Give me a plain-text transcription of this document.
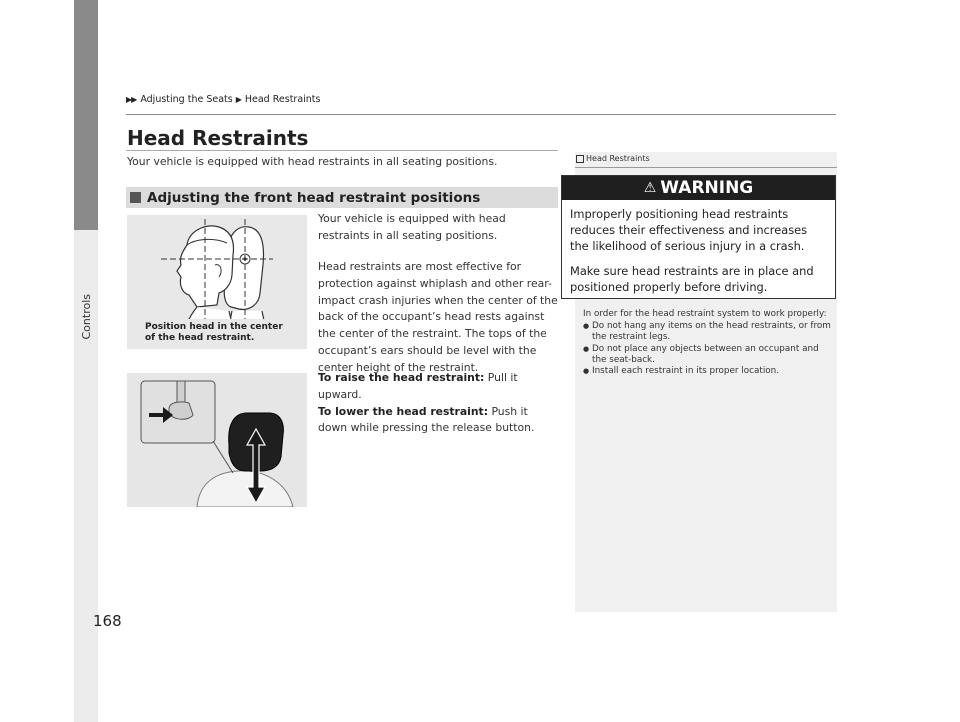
Controls
168
▶ ▶ Adjusting the Seats ▶ Head Restraints
Head Restraints
Your vehicle is equipped with head restraints in all seating positions.
Adjusting the front head restraint positions
Position head in the center
of the head restraint.
Your vehicle is equipped with head restraints in all seating positions.
Head restraints are most effective for protection against whiplash and other rear-impact crash injuries when the center of the back of the occupant’s head rests against the center of the restraint. The tops of the occupant’s ears should be level with the center height of the restraint.
To raise the head restraint: Pull it upward.
To lower the head restraint: Push it down while pressing the release button.
Head Restraints
⚠ WARNING

Improperly positioning head restraints reduces their effectiveness and increases the likelihood of serious injury in a crash.

Make sure head restraints are in place and positioned properly before driving.

In order for the head restraint system to work properly:

● Do not hang any items on the head restraints, or from the restraint legs.
● Do not place any objects between an occupant and the seat-back.
● Install each restraint in its proper location.
